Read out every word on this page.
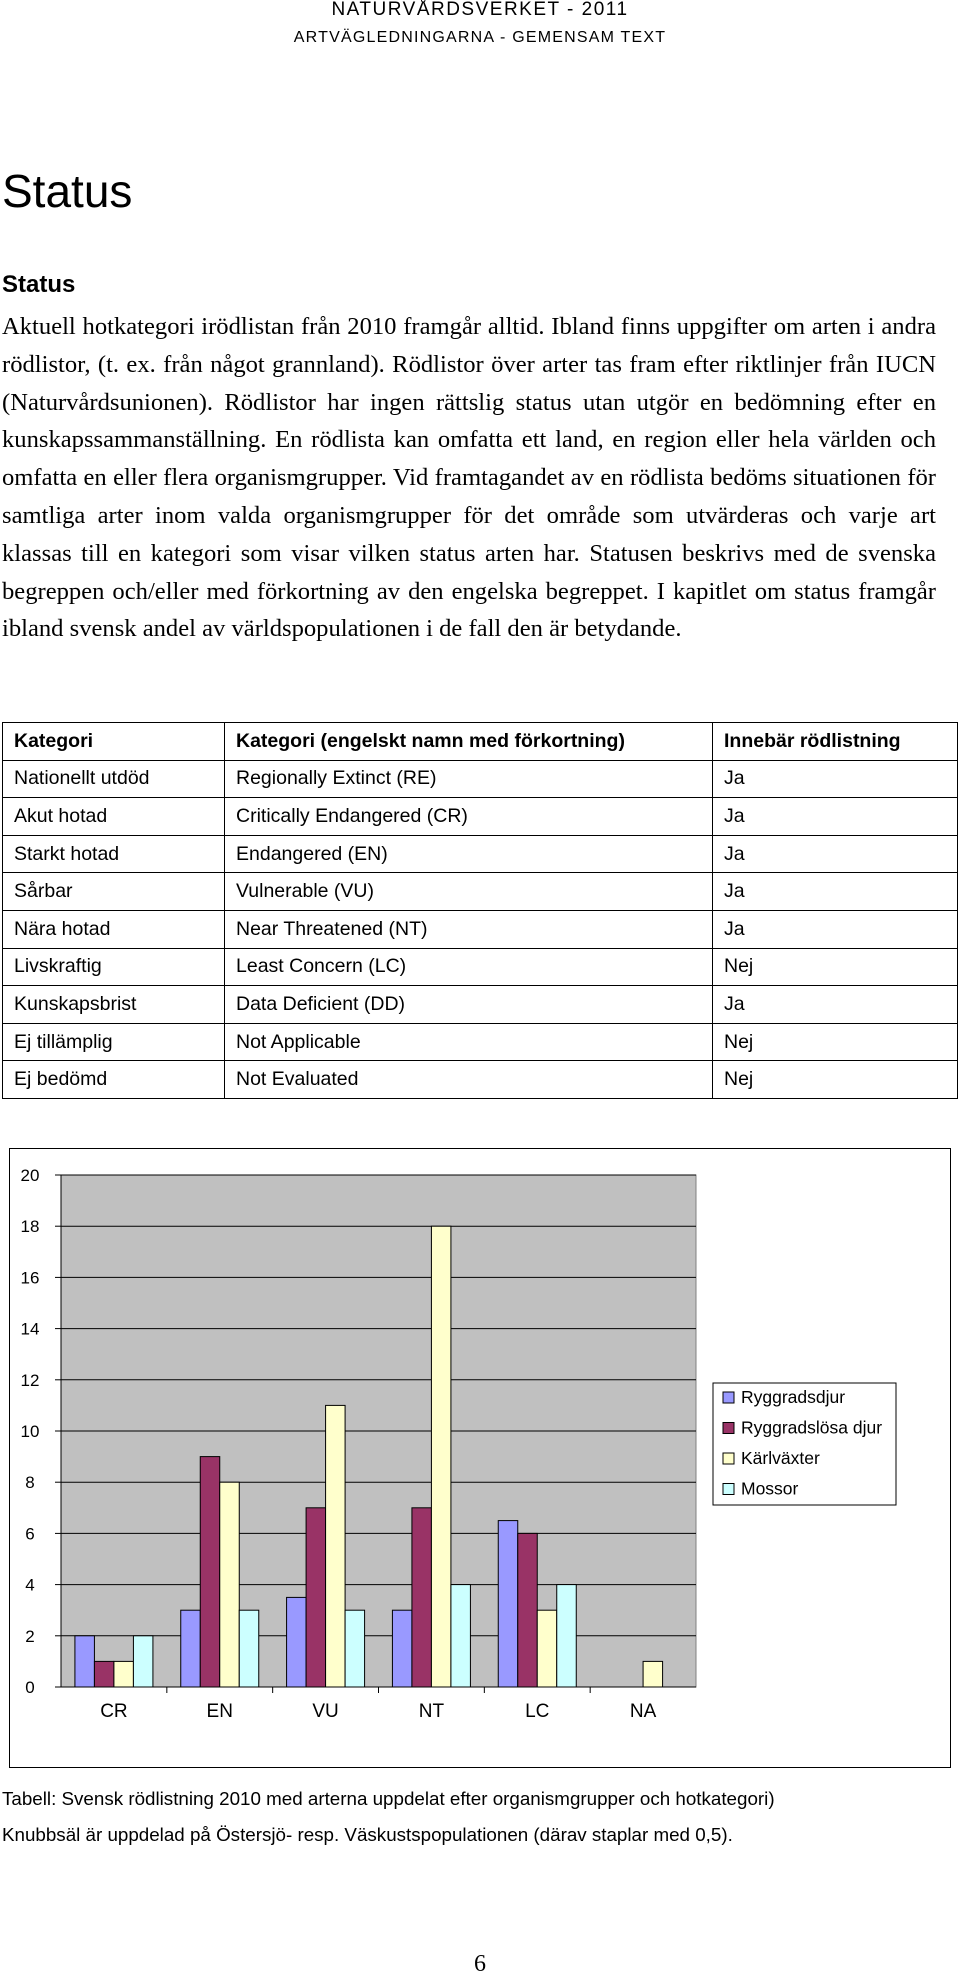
NATURVÅRDSVERKET - 2011
ARTVÄGLEDNINGARNA - GEMENSAM TEXT
Status
Status

Aktuell hotkategori irödlistan från 2010 framgår alltid. Ibland finns uppgifter om arten i andra rödlistor, (t. ex. från något grannland). Rödlistor över arter tas fram efter riktlinjer från IUCN (Naturvårdsunionen). Rödlistor har ingen rättslig status utan utgör en bedömning efter en kunskapssammanställning. En rödlista kan omfatta ett land, en region eller hela världen och omfatta en eller flera organismgrupper. Vid framtagandet av en rödlista bedöms situationen för samtliga arter inom valda organismgrupper för det område som utvärderas och varje art klassas till en kategori som visar vilken status arten har. Statusen beskrivs med de svenska begreppen och/eller med förkortning av den engelska begreppet. I kapitlet om status framgår ibland svensk andel av världspopulationen i de fall den är betydande.

Kategori	Kategori (engelskt namn med förkortning)	Innebär rödlistning
Nationellt utdöd	Regionally Extinct (RE)	Ja
Akut hotad	Critically Endangered (CR)	Ja
Starkt hotad	Endangered (EN)	Ja
Sårbar	Vulnerable (VU)	Ja
Nära hotad	Near Threatened (NT)	Ja
Livskraftig	Least Concern (LC)	Nej
Kunskapsbrist	Data Deficient (DD)	Ja
Ej tillämplig	Not Applicable	Nej
Ej bedömd	Not Evaluated	Nej
0
2
4
6
8
10
12
14
16
18
20
CR	EN	VU	NT	LC	NA
Ryggradsdjur
Ryggradslösa djur
Kärlväxter
Mossor

Tabell: Svensk rödlistning 2010 med arterna uppdelat efter organismgrupper och hotkategori)

Knubbsäl är uppdelad på Östersjö- resp. Väskustspopulationen (därav staplar med 0,5).

6
